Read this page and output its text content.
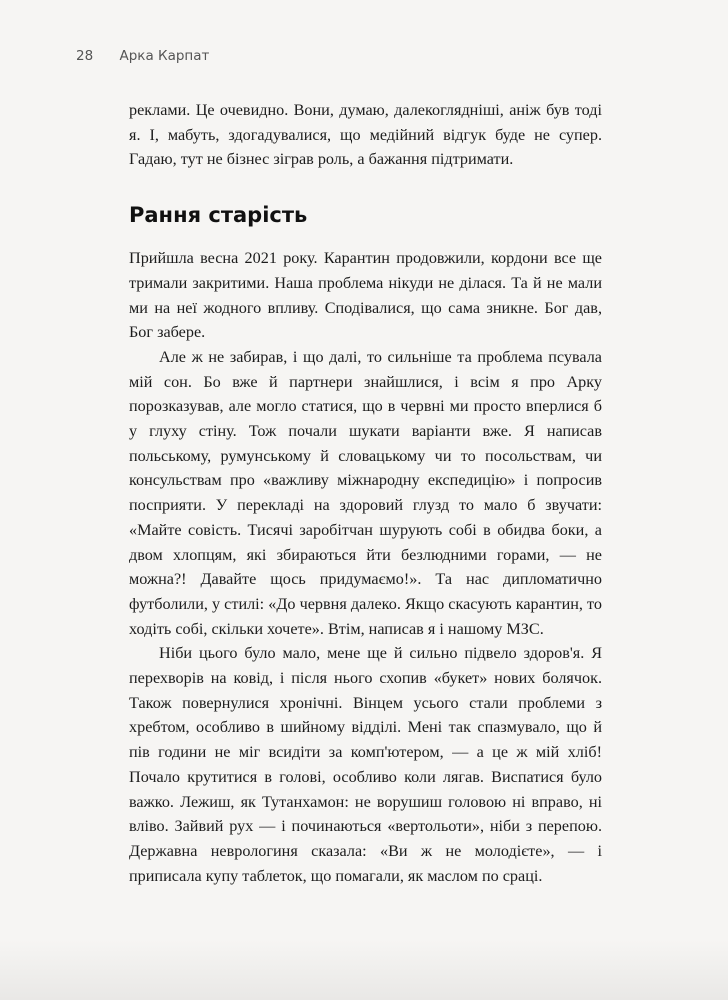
28 Арка Карпат

реклами. Це очевидно. Вони, думаю, далекоглядніші, аніж був тоді я. І, мабуть, здогадувалися, що медійний відгук буде не супер. Гадаю, тут не бізнес зіграв роль, а бажання підтримати.

Рання старість

Прийшла весна 2021 року. Карантин продовжили, кордони все ще тримали закритими. Наша проблема нікуди не ділася. Та й не мали ми на неї жодного впливу. Сподівалися, що сама зникне. Бог дав, Бог забере.

Але ж не забирав, і що далі, то сильніше та проблема псувала мій сон. Бо вже й партнери знайшлися, і всім я про Арку порозказував, але могло статися, що в червні ми просто вперлися б у глуху стіну. Тож почали шукати варіанти вже. Я написав польському, румунському й словацькому чи то посольствам, чи консульствам про «важливу міжнародну експедицію» і попросив посприяти. У перекладі на здоровий глузд то мало б звучати: «Майте совість. Тисячі заробітчан шурують собі в обидва боки, а двом хлопцям, які збираються йти безлюдними горами, — не можна?! Давайте щось придумаємо!». Та нас дипломатично футболили, у стилі: «До червня далеко. Якщо скасують карантин, то ходіть собі, скільки хочете». Втім, написав я і нашому МЗС.

Ніби цього було мало, мене ще й сильно підвело здоров'я. Я перехворів на ковід, і після нього схопив «букет» нових болячок. Також повернулися хронічні. Вінцем усього стали проблеми з хребтом, особливо в шийному відділі. Мені так спазмувало, що й пів години не міг всидіти за комп'ютером, — а це ж мій хліб! Почало крутитися в голові, особливо коли лягав. Виспатися було важко. Лежиш, як Тутанхамон: не ворушиш головою ні вправо, ні вліво. Зайвий рух — і починаються «вертольоти», ніби з перепою. Державна неврологиня сказала: «Ви ж не молодієте», — і приписала купу таблеток, що помагали, як маслом по сраці.
